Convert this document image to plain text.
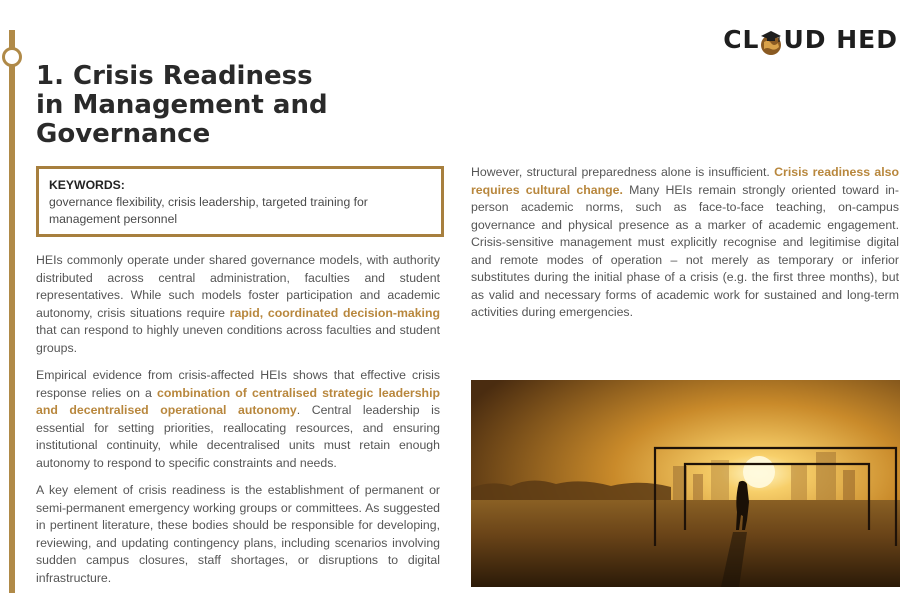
CL UD HED
1. Crisis Readiness
in Management and
Governance
KEYWORDS:
governance flexibility, crisis leadership, targeted training for management personnel

HEIs commonly operate under shared governance models, with authority distributed across central administration, faculties and student representatives. While such models foster participation and academic autonomy, crisis situations require rapid, coordinated decision-making that can respond to highly uneven conditions across faculties and student groups.

Empirical evidence from crisis-affected HEIs shows that effective crisis response relies on a combination of centralised strategic leadership and decentralised operational autonomy. Central leadership is essential for setting priorities, reallocating resources, and ensuring institutional continuity, while decentralised units must retain enough autonomy to respond to specific constraints and needs.

A key element of crisis readiness is the establishment of permanent or semi-permanent emergency working groups or committees. As suggested in pertinent literature, these bodies should be responsible for developing, reviewing, and updating contingency plans, including scenarios involving sudden campus closures, staff shortages, or disruptions to digital infrastructure.

However, structural preparedness alone is insufficient. Crisis readiness also requires cultural change. Many HEIs remain strongly oriented toward in-person academic norms, such as face-to-face teaching, on-campus governance and physical presence as a marker of academic engagement. Crisis-sensitive management must explicitly recognise and legitimise digital and remote modes of operation – not merely as temporary or inferior substitutes during the initial phase of a crisis (e.g. the first three months), but as valid and necessary forms of academic work for sustained and long-term activities during emergencies.
